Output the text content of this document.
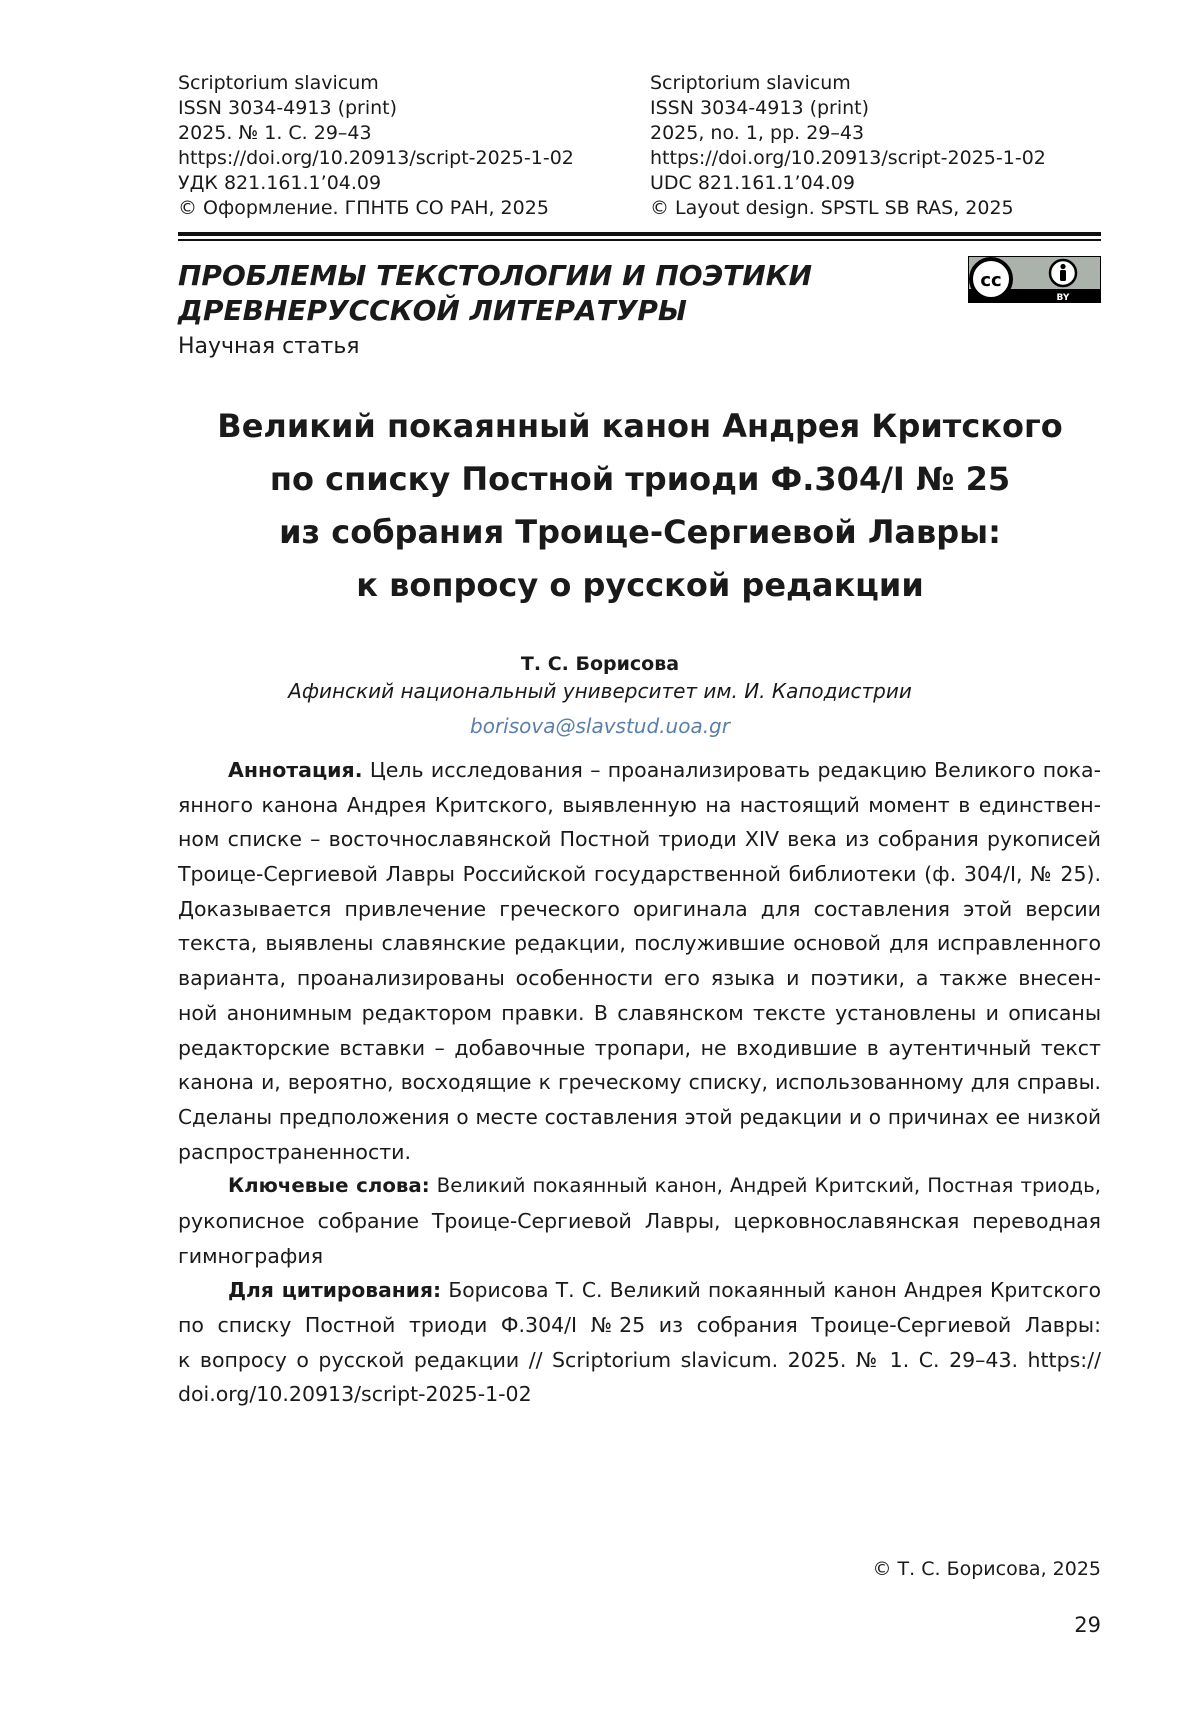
Scriptorium slavicum
ISSN 3034-4913 (print)
2025. № 1. С. 29–43
https://doi.org/10.20913/script-2025-1-02
УДК 821.161.1’04.09
© Оформление. ГПНТБ СО РАН, 2025
Scriptorium slavicum
ISSN 3034-4913 (print)
2025, no. 1, pp. 29–43
https://doi.org/10.20913/script-2025-1-02
UDC 821.161.1’04.09
© Layout design. SPSTL SB RAS, 2025
ПРОБЛЕМЫ ТЕКСТОЛОГИИ И ПОЭТИКИ
ДРЕВНЕРУССКОЙ ЛИТЕРАТУРЫ
Научная статья
cc
BY
Великий покаянный канон Андрея Критского
по списку Постной триоди Ф.304/I № 25
из собрания Троице-Сергиевой Лавры:
к вопросу о русской редакции
Т. С. Борисова
Афинский национальный университет им. И. Каподистрии
borisova@slavstud.uoa.gr
Аннотация. Цель исследования – проанализировать редакцию Великого пока-
янного канона Андрея Критского, выявленную на настоящий момент в единствен-
ном списке – восточнославянской Постной триоди XIV века из собрания рукописей
Троице-Сергиевой Лавры Российской государственной библиотеки (ф. 304/I, № 25).
Доказывается привлечение греческого оригинала для составления этой версии
текста, выявлены славянские редакции, послужившие основой для исправленного
варианта, проанализированы особенности его языка и поэтики, а также внесен-
ной анонимным редактором правки. В славянском тексте установлены и описаны
редакторские вставки – добавочные тропари, не входившие в аутентичный текст
канона и, вероятно, восходящие к греческому списку, использованному для справы.
Сделаны предположения о месте составления этой редакции и о причинах ее низкой
распространенности.
Ключевые слова: Великий покаянный канон, Андрей Критский, Постная триодь,
рукописное собрание Троице-Сергиевой Лавры, церковнославянская переводная
гимнография
Для цитирования: Борисова Т. С. Великий покаянный канон Андрея Критского
по списку Постной триоди Ф.304/I №25 из собрания Троице-Сергиевой Лавры:
к вопросу о русской редакции // Scriptorium slavicum. 2025. № 1. С. 29–43. https://
doi.org/10.20913/script-2025-1-02
© Т. С. Борисова, 2025
29
